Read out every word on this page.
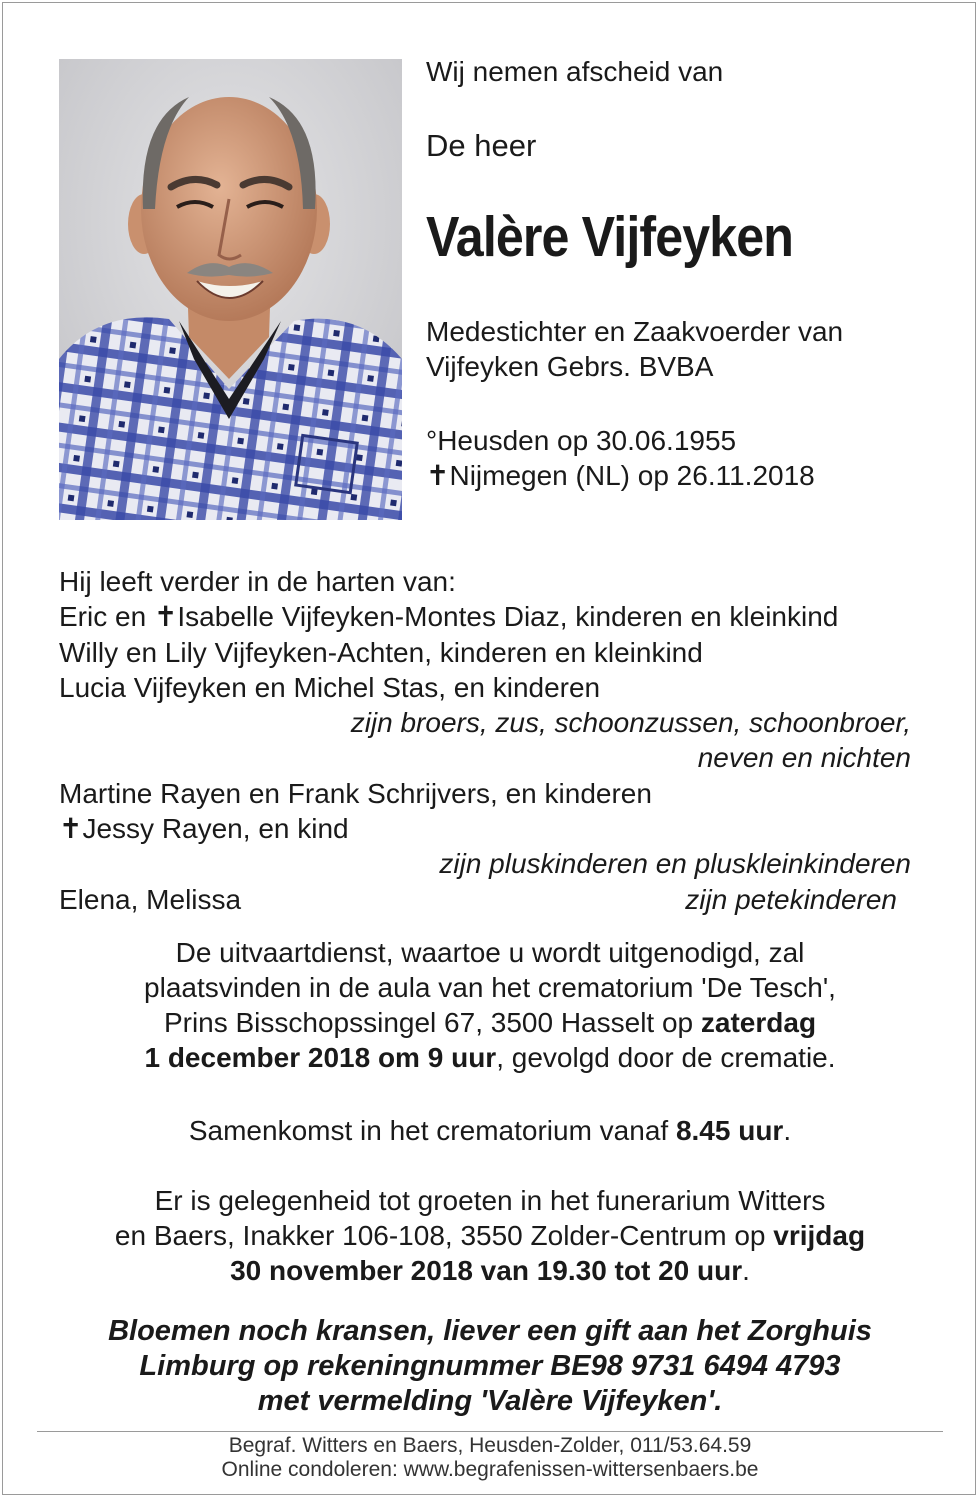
Wij nemen afscheid van
De heer
Valère Vijfeyken
Medestichter en Zaakvoerder van
Vijfeyken Gebrs. BVBA
°Heusden op 30.06.1955
✝Nijmegen (NL) op 26.11.2018
Hij leeft verder in de harten van:
Eric en ✝Isabelle Vijfeyken-Montes Diaz, kinderen en kleinkind
Willy en Lily Vijfeyken-Achten, kinderen en kleinkind
Lucia Vijfeyken en Michel Stas, en kinderen
zijn broers, zus, schoonzussen, schoonbroer,
neven en nichten
Martine Rayen en Frank Schrijvers, en kinderen
✝Jessy Rayen, en kind
zijn pluskinderen en pluskleinkinderen
Elena, Melissa	zijn petekinderen
De uitvaartdienst, waartoe u wordt uitgenodigd, zal
plaatsvinden in de aula van het crematorium 'De Tesch',
Prins Bisschopssingel 67, 3500 Hasselt op zaterdag
1 december 2018 om 9 uur, gevolgd door de crematie.
Samenkomst in het crematorium vanaf 8.45 uur.
Er is gelegenheid tot groeten in het funerarium Witters
en Baers, Inakker 106-108, 3550 Zolder-Centrum op vrijdag
30 november 2018 van 19.30 tot 20 uur.
Bloemen noch kransen, liever een gift aan het Zorghuis
Limburg op rekeningnummer BE98 9731 6494 4793
met vermelding 'Valère Vijfeyken'.
Begraf. Witters en Baers, Heusden-Zolder, 011/53.64.59
Online condoleren: www.begrafenissen-wittersenbaers.be
